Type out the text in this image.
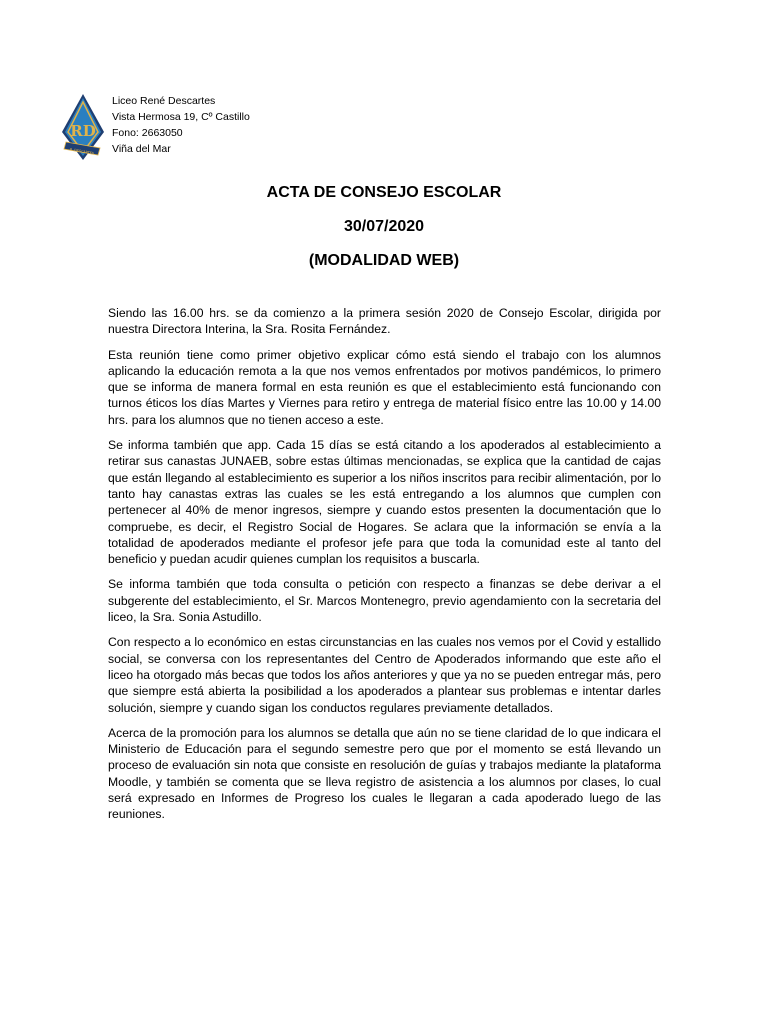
RD
R. DESCARTES
Liceo René Descartes
Vista Hermosa 19, Cº Castillo
Fono: 2663050
Viña del Mar
ACTA DE CONSEJO ESCOLAR
30/07/2020
(MODALIDAD WEB)

Siendo las 16.00 hrs. se da comienzo a la primera sesión 2020 de Consejo Escolar, dirigida por nuestra Directora Interina, la Sra. Rosita Fernández.

Esta reunión tiene como primer objetivo explicar cómo está siendo el trabajo con los alumnos aplicando la educación remota a la que nos vemos enfrentados por motivos pandémicos, lo primero que se informa de manera formal en esta reunión es que el establecimiento está funcionando con turnos éticos los días Martes y Viernes para retiro y entrega de material físico entre las 10.00 y 14.00 hrs. para los alumnos que no tienen acceso a este.

Se informa también que app. Cada 15 días se está citando a los apoderados al establecimiento a retirar sus canastas JUNAEB, sobre estas últimas mencionadas, se explica que la cantidad de cajas que están llegando al establecimiento es superior a los niños inscritos para recibir alimentación, por lo tanto hay canastas extras las cuales se les está entregando a los alumnos que cumplen con pertenecer al 40% de menor ingresos, siempre y cuando estos presenten la documentación que lo compruebe, es decir, el Registro Social de Hogares. Se aclara que la información se envía a la totalidad de apoderados mediante el profesor jefe para que toda la comunidad este al tanto del beneficio y puedan acudir quienes cumplan los requisitos a buscarla.

Se informa también que toda consulta o petición con respecto a finanzas se debe derivar a el subgerente del establecimiento, el Sr. Marcos Montenegro, previo agendamiento con la secretaria del liceo, la Sra. Sonia Astudillo.

Con respecto a lo económico en estas circunstancias en las cuales nos vemos por el Covid y estallido social, se conversa con los representantes del Centro de Apoderados informando que este año el liceo ha otorgado más becas que todos los años anteriores y que ya no se pueden entregar más, pero que siempre está abierta la posibilidad a los apoderados a plantear sus problemas e intentar darles solución, siempre y cuando sigan los conductos regulares previamente detallados.

Acerca de la promoción para los alumnos se detalla que aún no se tiene claridad de lo que indicara el Ministerio de Educación para el segundo semestre pero que por el momento se está llevando un proceso de evaluación sin nota que consiste en resolución de guías y trabajos mediante la plataforma Moodle, y también se comenta que se lleva registro de asistencia a los alumnos por clases, lo cual será expresado en Informes de Progreso los cuales le llegaran a cada apoderado luego de las reuniones.
